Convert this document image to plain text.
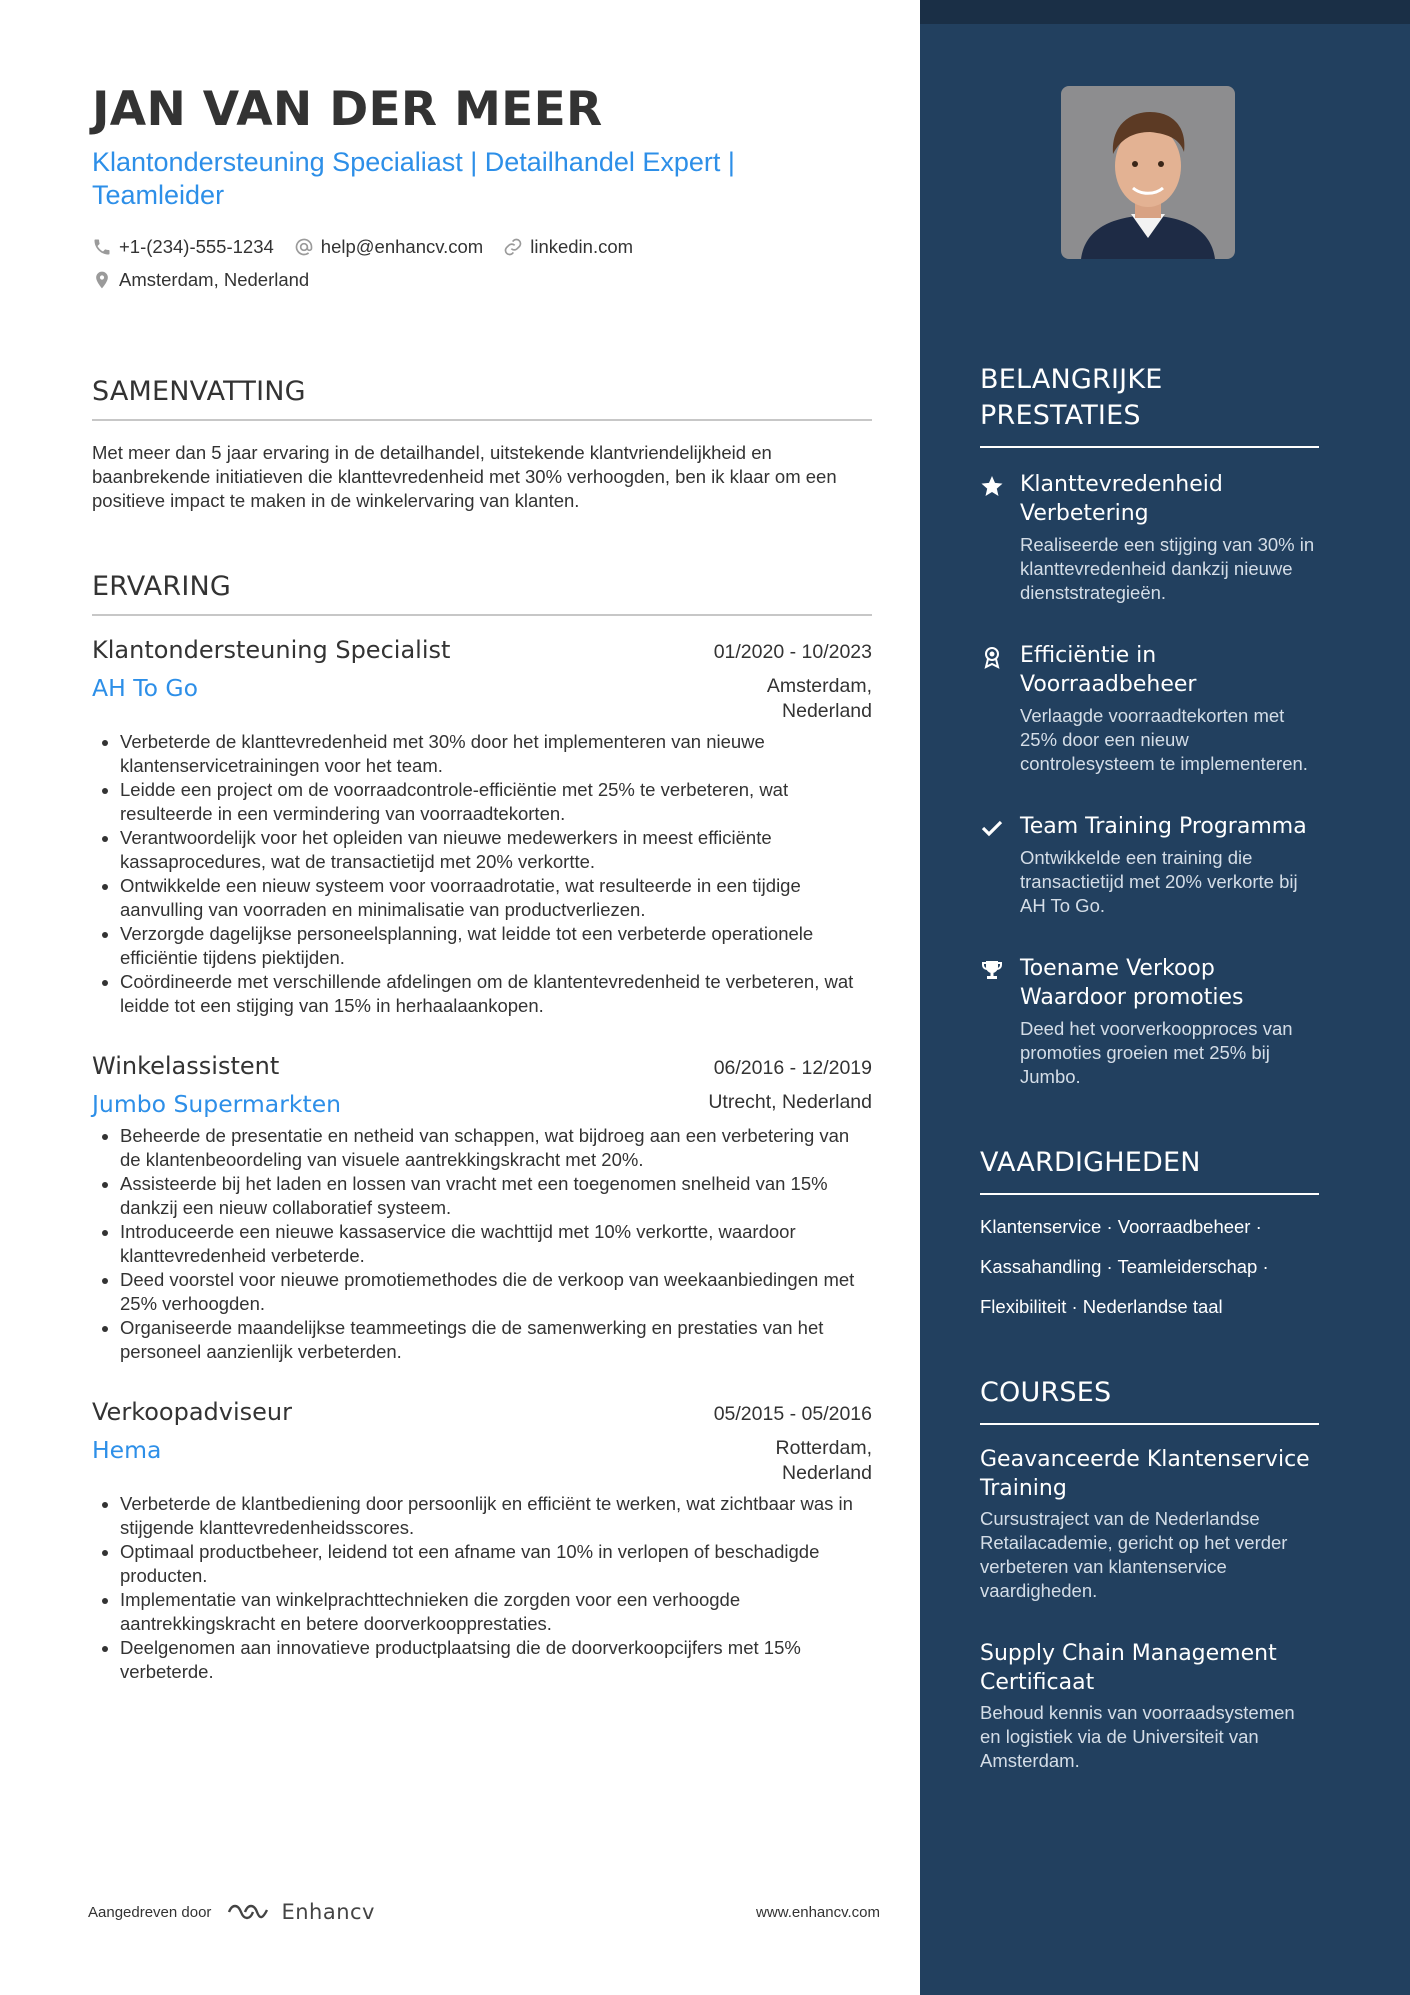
JAN VAN DER MEER
Klantondersteuning Specialiast | Detailhandel Expert | Teamleider
+1-(234)-555-1234	help@enhancv.com	linkedin.com
Amsterdam, Nederland
SAMENVATTING
Met meer dan 5 jaar ervaring in de detailhandel, uitstekende klantvriendelijkheid en baanbrekende initiatieven die klanttevredenheid met 30% verhoogden, ben ik klaar om een positieve impact te maken in de winkelervaring van klanten.
ERVARING
Klantondersteuning Specialist	01/2020 - 10/2023
AH To Go	Amsterdam, Nederland
• Verbeterde de klanttevredenheid met 30% door het implementeren van nieuwe klantenservicetrainingen voor het team.
• Leidde een project om de voorraadcontrole-efficiëntie met 25% te verbeteren, wat resulteerde in een vermindering van voorraadtekorten.
• Verantwoordelijk voor het opleiden van nieuwe medewerkers in meest efficiënte kassaprocedures, wat de transactietijd met 20% verkortte.
• Ontwikkelde een nieuw systeem voor voorraadrotatie, wat resulteerde in een tijdige aanvulling van voorraden en minimalisatie van productverliezen.
• Verzorgde dagelijkse personeelsplanning, wat leidde tot een verbeterde operationele efficiëntie tijdens piektijden.
• Coördineerde met verschillende afdelingen om de klantentevredenheid te verbeteren, wat leidde tot een stijging van 15% in herhaalaankopen.
Winkelassistent	06/2016 - 12/2019
Jumbo Supermarkten	Utrecht, Nederland
• Beheerde de presentatie en netheid van schappen, wat bijdroeg aan een verbetering van de klantenbeoordeling van visuele aantrekkingskracht met 20%.
• Assisteerde bij het laden en lossen van vracht met een toegenomen snelheid van 15% dankzij een nieuw collaboratief systeem.
• Introduceerde een nieuwe kassaservice die wachttijd met 10% verkortte, waardoor klanttevredenheid verbeterde.
• Deed voorstel voor nieuwe promotiemethodes die de verkoop van weekaanbiedingen met 25% verhoogden.
• Organiseerde maandelijkse teammeetings die de samenwerking en prestaties van het personeel aanzienlijk verbeterden.
Verkoopadviseur	05/2015 - 05/2016
Hema	Rotterdam, Nederland
• Verbeterde de klantbediening door persoonlijk en efficiënt te werken, wat zichtbaar was in stijgende klanttevredenheidsscores.
• Optimaal productbeheer, leidend tot een afname van 10% in verlopen of beschadigde producten.
• Implementatie van winkelprachttechnieken die zorgden voor een verhoogde aantrekkingskracht en betere doorverkoopprestaties.
• Deelgenomen aan innovatieve productplaatsing die de doorverkoopcijfers met 15% verbeterde.
Aangedreven door	Enhancv	www.enhancv.com
BELANGRIJKE PRESTATIES
Klanttevredenheid Verbetering
Realiseerde een stijging van 30% in klanttevredenheid dankzij nieuwe dienststrategieën.
Efficiëntie in Voorraadbeheer
Verlaagde voorraadtekorten met 25% door een nieuw controlesysteem te implementeren.
Team Training Programma
Ontwikkelde een training die transactietijd met 20% verkorte bij AH To Go.
Toename Verkoop Waardoor promoties
Deed het voorverkoopproces van promoties groeien met 25% bij Jumbo.
VAARDIGHEDEN
Klantenservice · Voorraadbeheer ·
Kassahandling · Teamleiderschap ·
Flexibiliteit · Nederlandse taal
COURSES
Geavanceerde Klantenservice Training
Cursustraject van de Nederlandse Retailacademie, gericht op het verder verbeteren van klantenservice vaardigheden.
Supply Chain Management Certificaat
Behoud kennis van voorraadsystemen en logistiek via de Universiteit van Amsterdam.
